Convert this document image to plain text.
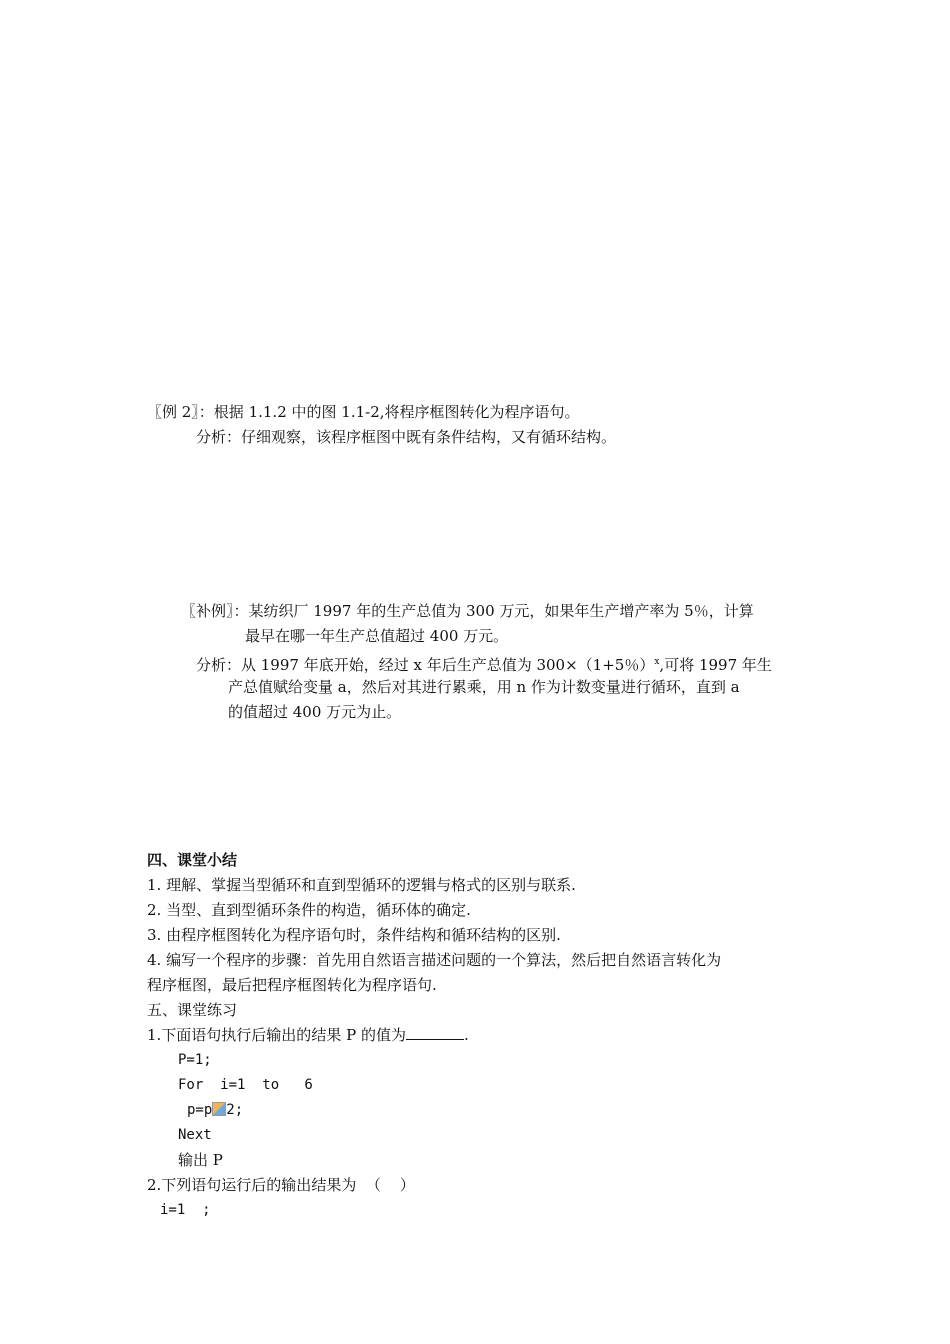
〖例 2〗：根据 1.1.2 中的图 1.1-2,将程序框图转化为程序语句。
分析：仔细观察，该程序框图中既有条件结构，又有循环结构。
〖补例〗：某纺织厂 1997 年的生产总值为 300 万元，如果年生产增产率为 5％，计算
最早在哪一年生产总值超过 400 万元。
分析：从 1997 年底开始，经过 x 年后生产总值为 300×（1+5％）$^x$,可将 1997 年生
产总值赋给变量 a，然后对其进行累乘，用 n 作为计数变量进行循环，直到 a
的值超过 400 万元为止。
四、课堂小结
1. 理解、掌握当型循环和直到型循环的逻辑与格式的区别与联系.
2. 当型、直到型循环条件的构造，循环体的确定.
3. 由程序框图转化为程序语句时，条件结构和循环结构的区别.
4. 编写一个程序的步骤：首先用自然语言描述问题的一个算法，然后把自然语言转化为
程序框图，最后把程序框图转化为程序语句.
五、课堂练习
1.下面语句执行后输出的结果 P 的值为	.
P=1;
For  i=1  to   6
p=p 2;
Next
输出 P
2.下列语句运行后的输出结果为  （    ）
i=1  ;
